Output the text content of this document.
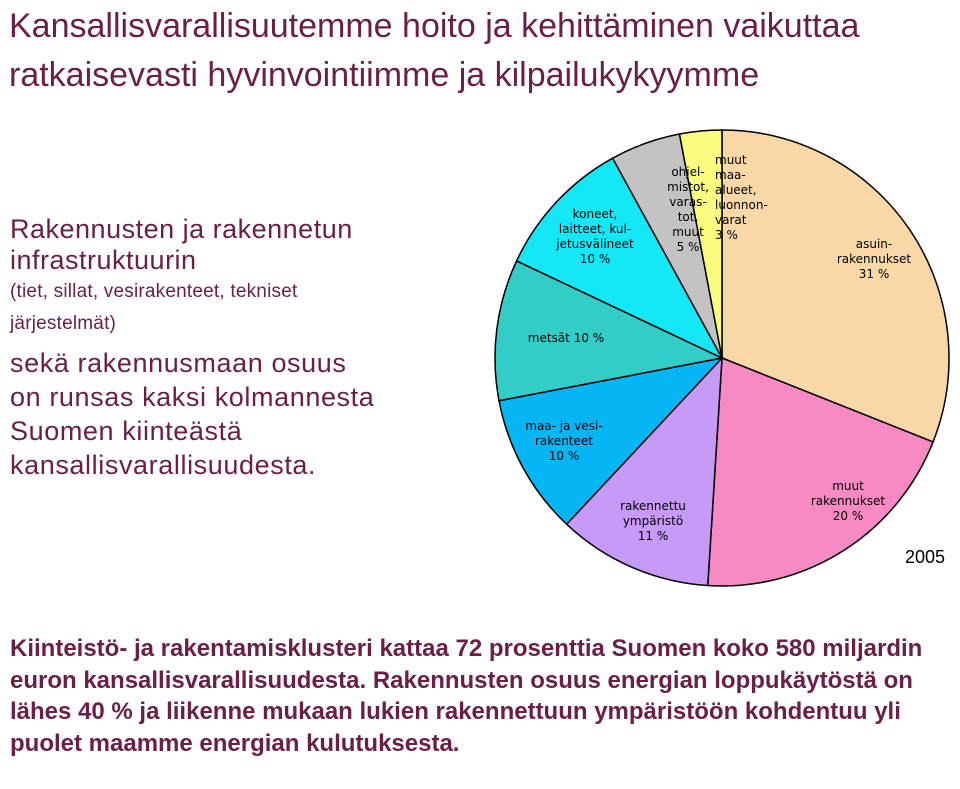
Kansallisvarallisuutemme hoito ja kehittäminen vaikuttaa ratkaisevasti hyvinvointiimme ja kilpailukykyymme
Rakennusten ja rakennetun
infrastruktuurin
(tiet, sillat, vesirakenteet, tekniset
järjestelmät)
sekä rakennusmaan osuus
on runsas kaksi kolmannesta
Suomen kiinteästä
kansallisvarallisuudesta.
asuin-rakennukset 31 %
muut rakennukset 20 %
rakennettu ympäristö 11 %
maa- ja vesi-rakenteet 10 %
metsät 10 %
koneet, laitteet, kul-jetusvälineet 10 %
ohjel-mistot, varas-tot, muut 5 %
muut maa-alueet, luonnon-varat 3 %
2005

Kiinteistö- ja rakentamisklusteri kattaa 72 prosenttia Suomen koko 580 miljardin euron kansallisvarallisuudesta. Rakennusten osuus energian loppukäytöstä on lähes 40 % ja liikenne mukaan lukien rakennettuun ympäristöön kohdentuu yli puolet maamme energian kulutuksesta.
